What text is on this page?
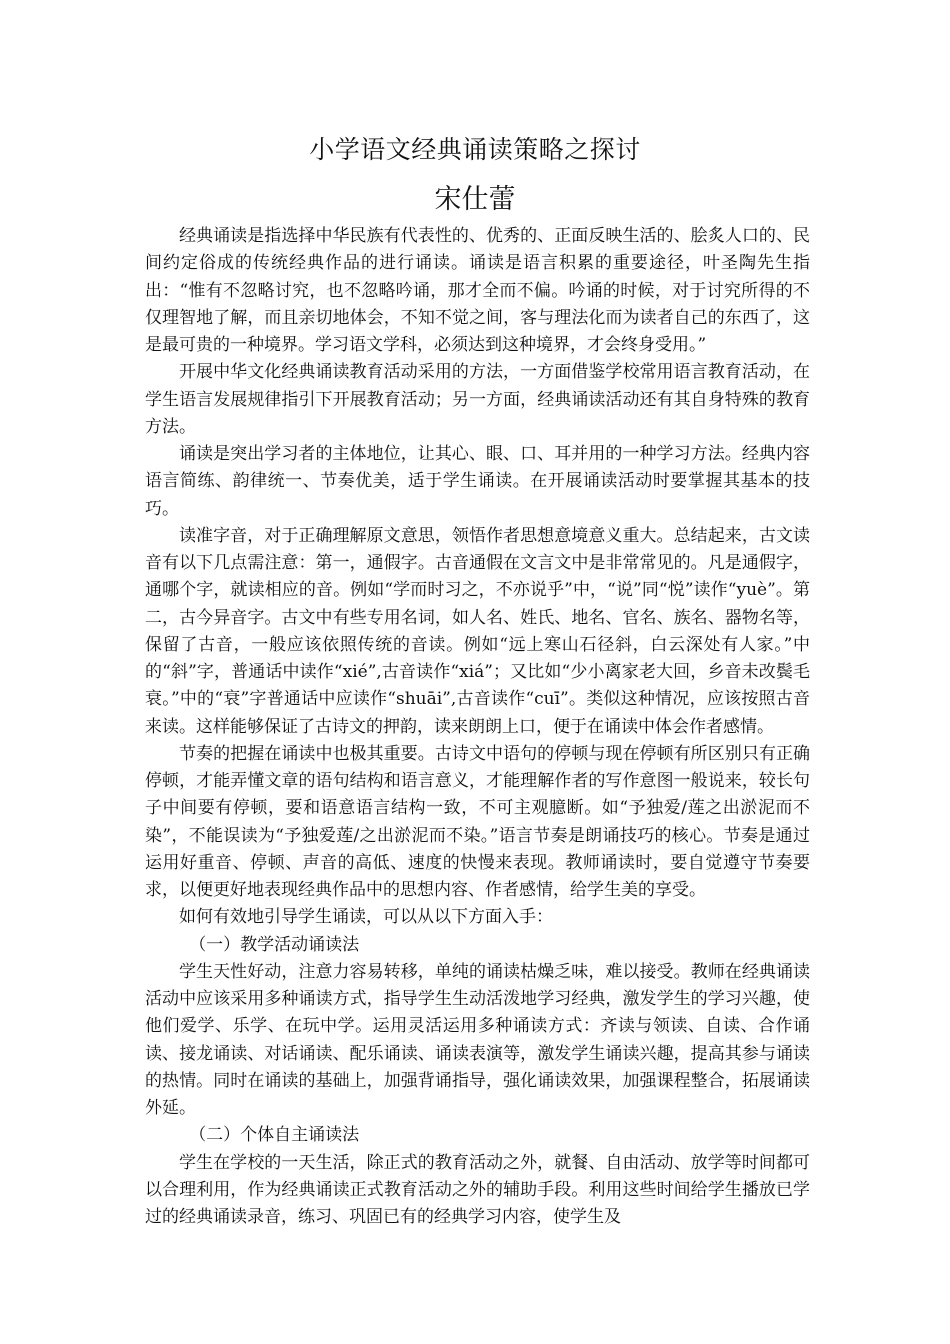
小学语文经典诵读策略之探讨
宋仕蕾

经典诵读是指选择中华民族有代表性的、优秀的、正面反映生活的、脍炙人口的、民间约定俗成的传统经典作品的进行诵读。诵读是语言积累的重要途径，叶圣陶先生指出：“惟有不忽略讨究，也不忽略吟诵，那才全而不偏。吟诵的时候，对于讨究所得的不仅理智地了解，而且亲切地体会，不知不觉之间，客与理法化而为读者自己的东西了，这是最可贵的一种境界。学习语文学科，必须达到这种境界，才会终身受用。”

开展中华文化经典诵读教育活动采用的方法，一方面借鉴学校常用语言教育活动，在学生语言发展规律指引下开展教育活动；另一方面，经典诵读活动还有其自身特殊的教育方法。

诵读是突出学习者的主体地位，让其心、眼、口、耳并用的一种学习方法。经典内容语言简练、韵律统一、节奏优美，适于学生诵读。在开展诵读活动时要掌握其基本的技巧。

读准字音，对于正确理解原文意思，领悟作者思想意境意义重大。总结起来，古文读音有以下几点需注意：第一，通假字。古音通假在文言文中是非常常见的。凡是通假字，通哪个字，就读相应的音。例如“学而时习之，不亦说乎”中，“说”同“悦”读作“yuè”。第二，古今异音字。古文中有些专用名词，如人名、姓氏、地名、官名、族名、器物名等，保留了古音，一般应该依照传统的音读。例如“远上寒山石径斜，白云深处有人家。”中的“斜”字，普通话中读作“xié”,古音读作“xiá”；又比如“少小离家老大回，乡音未改鬓毛衰。”中的“衰”字普通话中应读作“shuāi”,古音读作“cuī”。类似这种情况，应该按照古音来读。这样能够保证了古诗文的押韵，读来朗朗上口，便于在诵读中体会作者感情。

节奏的把握在诵读中也极其重要。古诗文中语句的停顿与现在停顿有所区别只有正确停顿，才能弄懂文章的语句结构和语言意义，才能理解作者的写作意图一般说来，较长句子中间要有停顿，要和语意语言结构一致，不可主观臆断。如“予独爱/莲之出淤泥而不染”，不能误读为“予独爱莲/之出淤泥而不染。”语言节奏是朗诵技巧的核心。节奏是通过运用好重音、停顿、声音的高低、速度的快慢来表现。教师诵读时，要自觉遵守节奏要求，以便更好地表现经典作品中的思想内容、作者感情，给学生美的享受。

如何有效地引导学生诵读，可以从以下方面入手：

（一）教学活动诵读法

学生天性好动，注意力容易转移，单纯的诵读枯燥乏味，难以接受。教师在经典诵读活动中应该采用多种诵读方式，指导学生生动活泼地学习经典，激发学生的学习兴趣，使他们爱学、乐学、在玩中学。运用灵活运用多种诵读方式：齐读与领读、自读、合作诵读、接龙诵读、对话诵读、配乐诵读、诵读表演等，激发学生诵读兴趣，提高其参与诵读的热情。同时在诵读的基础上，加强背诵指导，强化诵读效果，加强课程整合，拓展诵读外延。

（二）个体自主诵读法

学生在学校的一天生活，除正式的教育活动之外，就餐、自由活动、放学等时间都可以合理利用，作为经典诵读正式教育活动之外的辅助手段。利用这些时间给学生播放已学过的经典诵读录音，练习、巩固已有的经典学习内容，使学生及
